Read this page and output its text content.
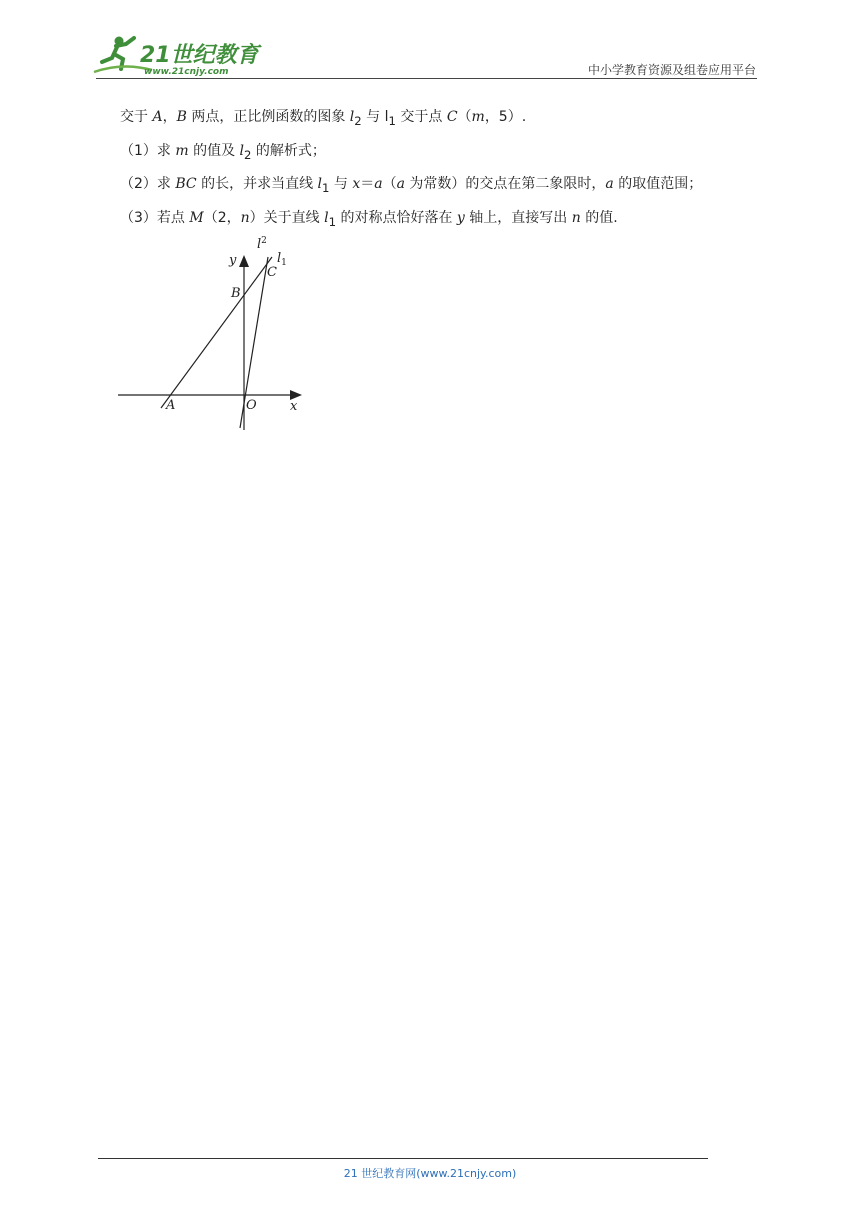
21世纪教育
www.21cnjy.com	中小学教育资源及组卷应用平台
交于 A，B 两点，正比例函数的图象 $l_2$ 与 $l_1$ 交于点 C（m，5）.
（1）求 m 的值及 $l_2$ 的解析式；
（2）求 BC 的长，并求当直线 $l_1$ 与 x＝a（a 为常数）的交点在第二象限时，a 的取值范围；
（3）若点 M（2，n）关于直线 $l_1$ 的对称点恰好落在 y 轴上，直接写出 n 的值.
y
x
O
A
B
C
$l^2$
$l_1$
21 世纪教育网(www.21cnjy.com)
